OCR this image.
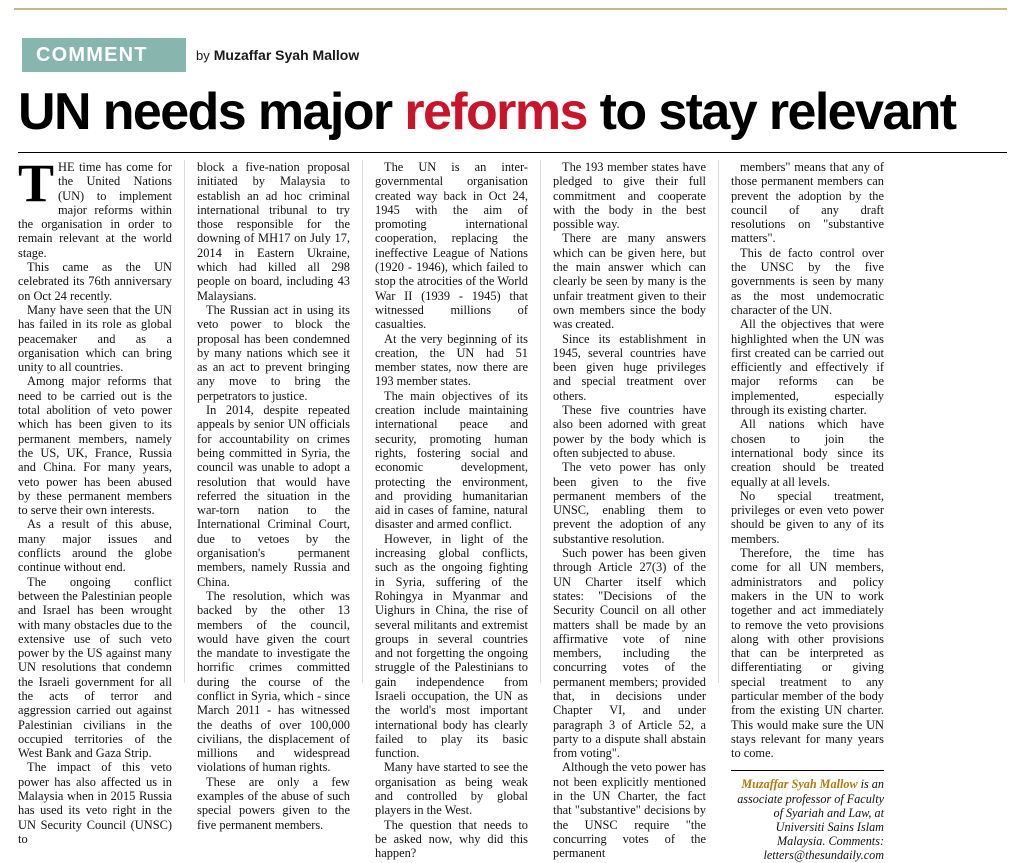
COMMENT	by Muzaffar Syah Mallow
UN needs major reforms to stay relevant

THE time has come for the United Nations (UN) to implement major reforms within the organisation in order to remain relevant at the world stage.

This came as the UN celebrated its 76th anniversary on Oct 24 recently.

Many have seen that the UN has failed in its role as global peacemaker and as a organisation which can bring unity to all countries.

Among major reforms that need to be carried out is the total abolition of veto power which has been given to its permanent members, namely the US, UK, France, Russia and China. For many years, veto power has been abused by these permanent members to serve their own interests.

As a result of this abuse, many major issues and conflicts around the globe continue without end.

The ongoing conflict between the Palestinian people and Israel has been wrought with many obstacles due to the extensive use of such veto power by the US against many UN resolutions that condemn the Israeli government for all the acts of terror and aggression carried out against Palestinian civilians in the occupied territories of the West Bank and Gaza Strip.

The impact of this veto power has also affected us in Malaysia when in 2015 Russia has used its veto right in the UN Security Council (UNSC) to

block a five-nation proposal initiated by Malaysia to establish an ad hoc criminal international tribunal to try those responsible for the downing of MH17 on July 17, 2014 in Eastern Ukraine, which had killed all 298 people on board, including 43 Malaysians.

The Russian act in using its veto power to block the proposal has been condemned by many nations which see it as an act to prevent bringing any move to bring the perpetrators to justice.

In 2014, despite repeated appeals by senior UN officials for accountability on crimes being committed in Syria, the council was unable to adopt a resolution that would have referred the situation in the war-torn nation to the International Criminal Court, due to vetoes by the organisation's permanent members, namely Russia and China.

The resolution, which was backed by the other 13 members of the council, would have given the court the mandate to investigate the horrific crimes committed during the course of the conflict in Syria, which - since March 2011 - has witnessed the deaths of over 100,000 civilians, the displacement of millions and widespread violations of human rights.

These are only a few examples of the abuse of such special powers given to the five permanent members.

The UN is an inter-governmental organisation created way back in Oct 24, 1945 with the aim of promoting international cooperation, replacing the ineffective League of Nations (1920 - 1946), which failed to stop the atrocities of the World War II (1939 - 1945) that witnessed millions of casualties.

At the very beginning of its creation, the UN had 51 member states, now there are 193 member states.

The main objectives of its creation include maintaining international peace and security, promoting human rights, fostering social and economic development, protecting the environment, and providing humanitarian aid in cases of famine, natural disaster and armed conflict.

However, in light of the increasing global conflicts, such as the ongoing fighting in Syria, suffering of the Rohingya in Myanmar and Uighurs in China, the rise of several militants and extremist groups in several countries and not forgetting the ongoing struggle of the Palestinians to gain independence from Israeli occupation, the UN as the world's most important international body has clearly failed to play its basic function.

Many have started to see the organisation as being weak and controlled by global players in the West.

The question that needs to be asked now, why did this happen?

The 193 member states have pledged to give their full commitment and cooperate with the body in the best possible way.

There are many answers which can be given here, but the main answer which can clearly be seen by many is the unfair treatment given to their own members since the body was created.

Since its establishment in 1945, several countries have been given huge privileges and special treatment over others.

These five countries have also been adorned with great power by the body which is often subjected to abuse.

The veto power has only been given to the five permanent members of the UNSC, enabling them to prevent the adoption of any substantive resolution.

Such power has been given through Article 27(3) of the UN Charter itself which states: "Decisions of the Security Council on all other matters shall be made by an affirmative vote of nine members, including the concurring votes of the permanent members; provided that, in decisions under Chapter VI, and under paragraph 3 of Article 52, a party to a dispute shall abstain from voting".

Although the veto power has not been explicitly mentioned in the UN Charter, the fact that "substantive" decisions by the UNSC require "the concurring votes of the permanent

members" means that any of those permanent members can prevent the adoption by the council of any draft resolutions on "substantive matters".

This de facto control over the UNSC by the five governments is seen by many as the most undemocratic character of the UN.

All the objectives that were highlighted when the UN was first created can be carried out efficiently and effectively if major reforms can be implemented, especially through its existing charter.

All nations which have chosen to join the international body since its creation should be treated equally at all levels.

No special treatment, privileges or even veto power should be given to any of its members.

Therefore, the time has come for all UN members, administrators and policy makers in the UN to work together and act immediately to remove the veto provisions along with other provisions that can be interpreted as differentiating or giving special treatment to any particular member of the body from the existing UN charter. This would make sure the UN stays relevant for many years to come.

Muzaffar Syah Mallow is an associate professor of Faculty of Syariah and Law, at Universiti Sains Islam Malaysia. Comments: letters@thesundaily.com
